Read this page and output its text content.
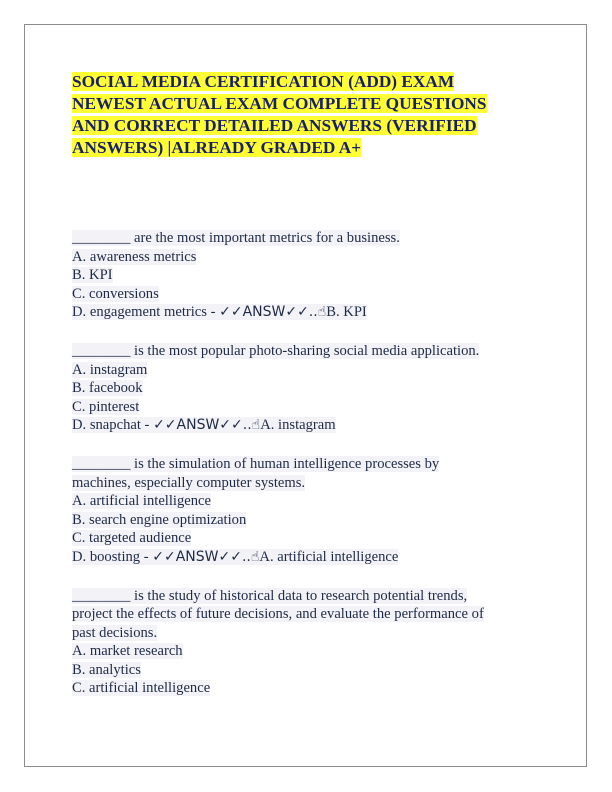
SOCIAL MEDIA CERTIFICATION (ADD) EXAM
NEWEST ACTUAL EXAM COMPLETE QUESTIONS
AND CORRECT DETAILED ANSWERS (VERIFIED
ANSWERS) |ALREADY GRADED A+
________ are the most important metrics for a business.
A. awareness metrics
B. KPI
C. conversions
D. engagement metrics - ✓✓ANSW✓✓..☝B. KPI
________ is the most popular photo-sharing social media application.
A. instagram
B. facebook
C. pinterest
D. snapchat - ✓✓ANSW✓✓..☝A. instagram
________ is the simulation of human intelligence processes by
machines, especially computer systems.
A. artificial intelligence
B. search engine optimization
C. targeted audience
D. boosting - ✓✓ANSW✓✓..☝A. artificial intelligence
________ is the study of historical data to research potential trends,
project the effects of future decisions, and evaluate the performance of
past decisions.
A. market research
B. analytics
C. artificial intelligence
